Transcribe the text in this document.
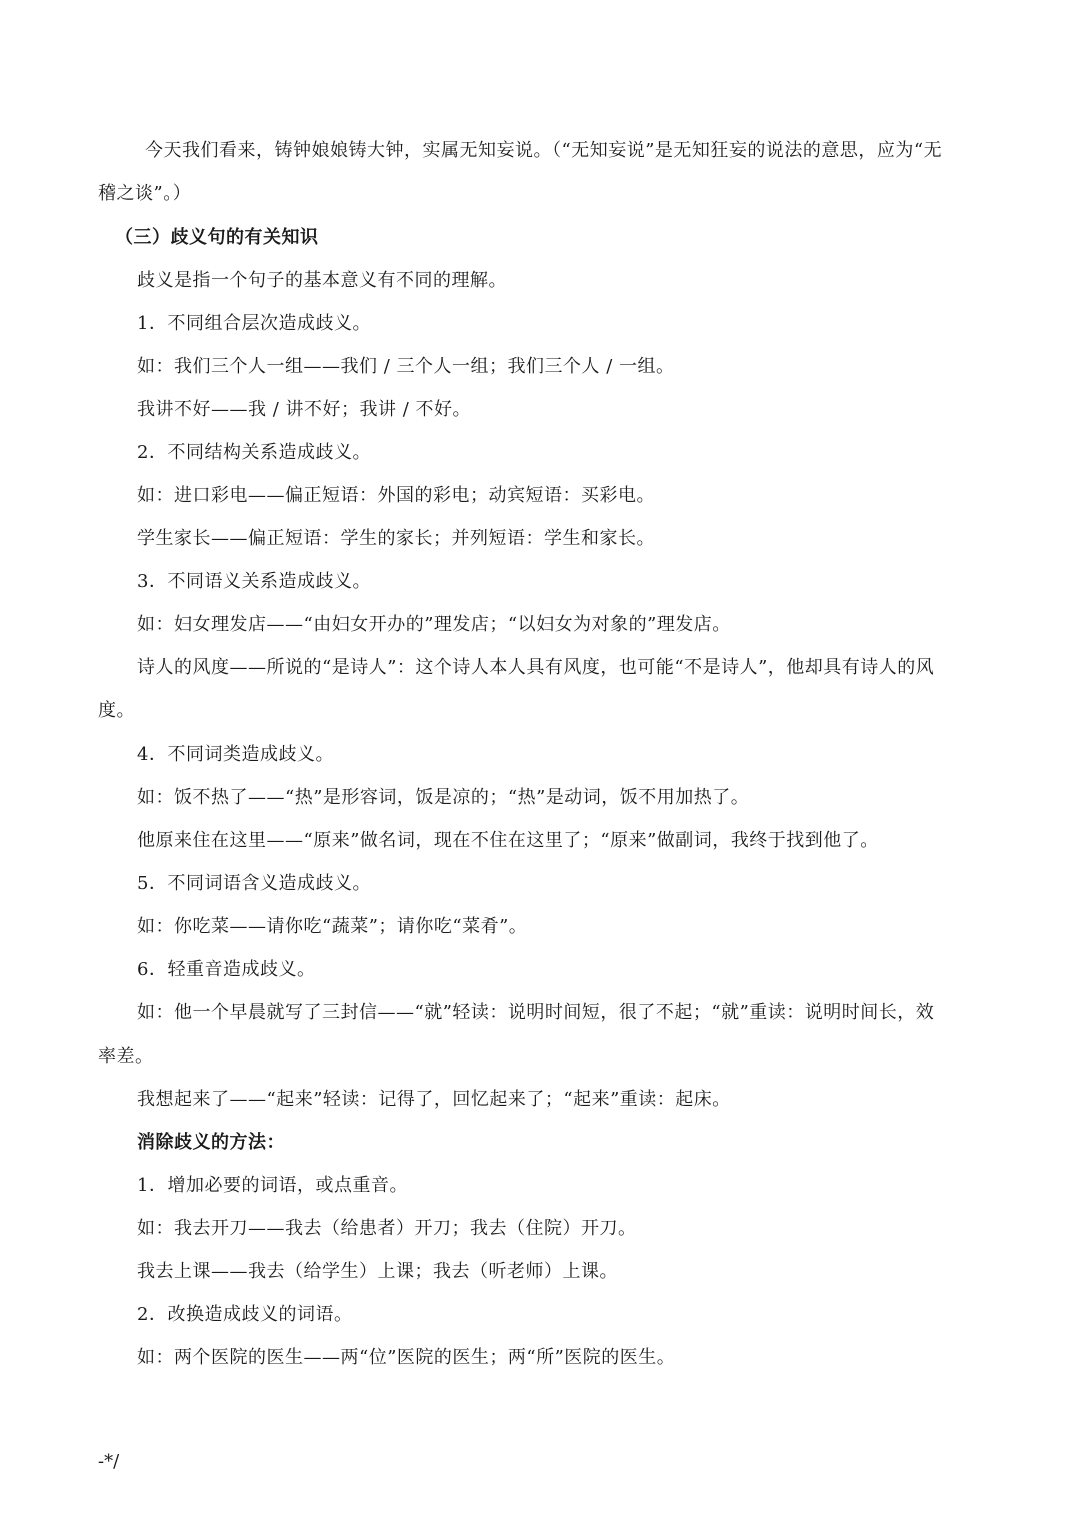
今天我们看来，铸钟娘娘铸大钟，实属无知妄说。（“无知妄说”是无知狂妄的说法的意思，应为“无
稽之谈”。）
（三）歧义句的有关知识
歧义是指一个句子的基本意义有不同的理解。
1．不同组合层次造成歧义。
如：我们三个人一组——我们 / 三个人一组；我们三个人 / 一组。
我讲不好——我 / 讲不好；我讲 / 不好。
2．不同结构关系造成歧义。
如：进口彩电——偏正短语：外国的彩电；动宾短语：买彩电。
学生家长——偏正短语：学生的家长；并列短语：学生和家长。
3．不同语义关系造成歧义。
如：妇女理发店——“由妇女开办的”理发店；“以妇女为对象的”理发店。
诗人的风度——所说的“是诗人”：这个诗人本人具有风度，也可能“不是诗人”，他却具有诗人的风
度。
4．不同词类造成歧义。
如：饭不热了——“热”是形容词，饭是凉的；“热”是动词，饭不用加热了。
他原来住在这里——“原来”做名词，现在不住在这里了；“原来”做副词，我终于找到他了。
5．不同词语含义造成歧义。
如：你吃菜——请你吃“蔬菜”；请你吃“菜肴”。
6．轻重音造成歧义。
如：他一个早晨就写了三封信——“就”轻读：说明时间短，很了不起；“就”重读：说明时间长，效
率差。
我想起来了——“起来”轻读：记得了，回忆起来了；“起来”重读：起床。
消除歧义的方法：
1．增加必要的词语，或点重音。
如：我去开刀——我去（给患者）开刀；我去（住院）开刀。
我去上课——我去（给学生）上课；我去（听老师）上课。
2．改换造成歧义的词语。
如：两个医院的医生——两“位”医院的医生；两“所”医院的医生。
-*/
